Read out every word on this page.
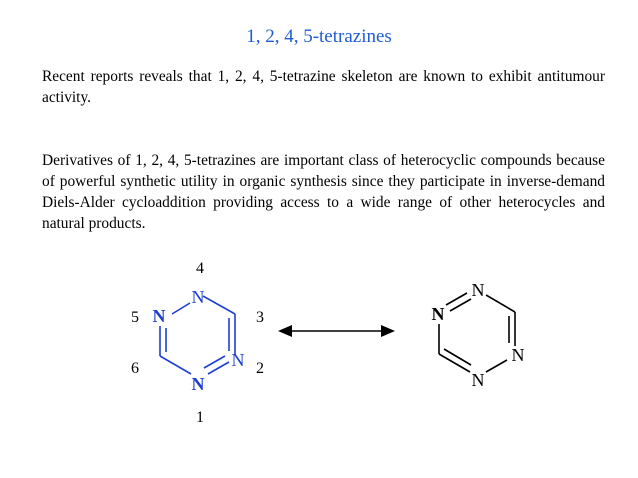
1, 2, 4, 5-tetrazines
Recent reports reveals that 1, 2, 4, 5-tetrazine skeleton are known to exhibit antitumour activity.
Derivatives of 1, 2, 4, 5-tetrazines are important class of heterocyclic compounds because of powerful synthetic utility in organic synthesis since they participate in inverse-demand Diels-Alder cycloaddition providing access to a wide range of other heterocycles and natural products.
N
N
N
N
4
3
2
1
6
5
N
N
N
N
